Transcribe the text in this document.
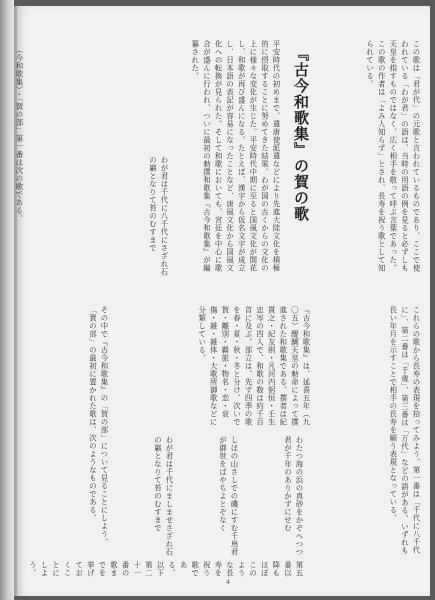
『古今和歌集』の賀の歌
平安時代の初めまで、遣唐使派遣などにより先進大陸文化を積極的に摂取することに努めてきた結果、わが国の古くからの文化の上に様々な変化が生じた。平安時代中期に至ると国風文化が開花し、和歌が再び盛んになる。たとえば、漢字から仮名文字が成立し、日本語の表記が容易になったことなど、唐風文化から国風文化への転換が見られた。そして和歌においても、宮廷を中心に歌合が盛んに行われ、ついに最初の勅撰和歌集『古今和歌集』が編纂された。	この歌は「君が代」の元歌と言われているものであり、ここで使われている「わが君」の語は、当時の用語の例を見ると必ずしも天皇を指すものではなく、広く相手を敬って呼ぶ言葉であった。この歌の作者は「よみ人知らず」とされ、長寿を祝う歌として知られている。
『古今和歌集』は、延喜五年（九〇五）醍醐天皇の勅命によって撰進された和歌集である。撰者は紀貫之・紀友則・凡河内躬恒・壬生忠岑の四人で、和歌の数は約千百首に及ぶ。部立は、先ず四季の歌を春・夏・秋・冬と分け、次いで賀・離別・羇旅・物名・恋・哀傷・雑・雑体・大歌所御歌などに分類している。	これらの歌から長寿の表現を拾ってみよう。第一番は「千代に八千代に」、第二番は「千歳」、第三番は「万代」などの語がある。いずれも長い年月を示すことで相手の長寿を願う表現となっている。
わたつ海の浜の真砂をかぞへつつ君が千年のありかずにせむ
しほの山さしでの磯にすむ千鳥君が御世をばやちよとぞなく
わが君は千代にましませさざれ石の巌となりて苔のむすまで
その中で『古今和歌集』の「賀の部」について見ることにしよう。「賀の部」の最初に置かれた歌は、次のようなものである。
（今和歌集）・「賀の部」第一番は次の歌である。	わが君は千代に八千代にさざれ石の巌となりて苔のむすまで
第五番以降もほぼこのような長寿を祝う歌である。以下第二十一番の歌までを挙げておくことにしよう。
4
